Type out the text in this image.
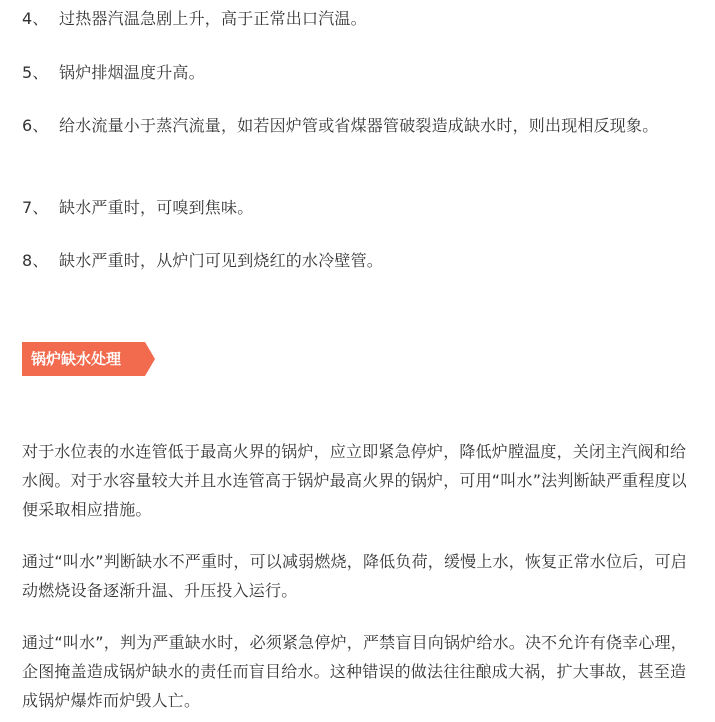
4、 过热器汽温急剧上升，高于正常出口汽温。

5、 锅炉排烟温度升高。

6、 给水流量小于蒸汽流量，如若因炉管或省煤器管破裂造成缺水时，则出现相反现象。

7、 缺水严重时，可嗅到焦味。

8、 缺水严重时，从炉门可见到烧红的水冷壁管。

锅炉缺水处理

对于水位表的水连管低于最高火界的锅炉，应立即紧急停炉，降低炉膛温度，关闭主汽阀和给水阀。对于水容量较大并且水连管高于锅炉最高火界的锅炉，可用“叫水”法判断缺严重程度以便采取相应措施。

通过“叫水”判断缺水不严重时，可以减弱燃烧，降低负荷，缓慢上水，恢复正常水位后，可启动燃烧设备逐渐升温、升压投入运行。

通过“叫水”，判为严重缺水时，必须紧急停炉，严禁盲目向锅炉给水。决不允许有侥幸心理，企图掩盖造成锅炉缺水的责任而盲目给水。这种错误的做法往往酿成大祸，扩大事故，甚至造成锅炉爆炸而炉毁人亡。
